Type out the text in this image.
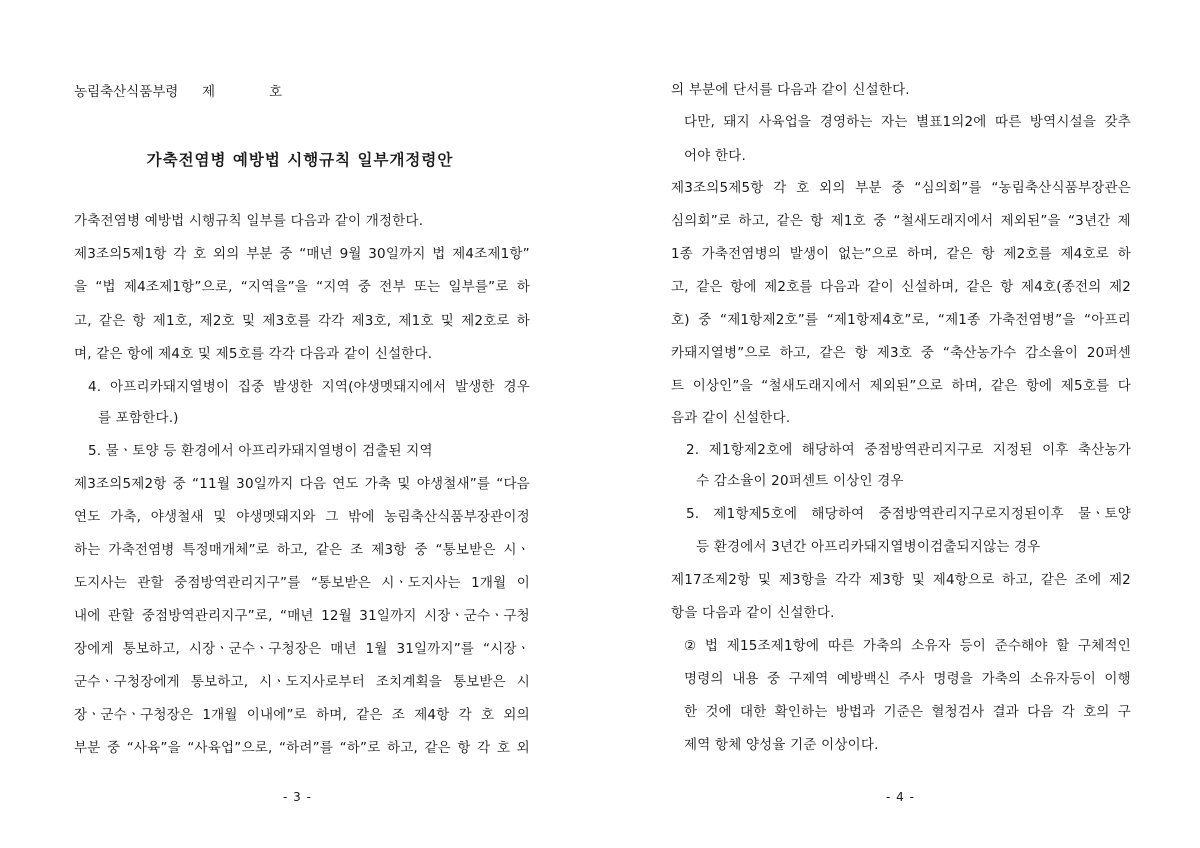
농림축산식품부령 제	호
가축전염병 예방법 시행규칙 일부개정령안
가축전염병 예방법 시행규칙 일부를 다음과 같이 개정한다.
제3조의5제1항 각 호 외의 부분 중 “매년 9월 30일까지 법 제4조제1항”
을 “법 제4조제1항”으로, “지역을”을 “지역 중 전부 또는 일부를”로 하
고, 같은 항 제1호, 제2호 및 제3호를 각각 제3호, 제1호 및 제2호로 하
며, 같은 항에 제4호 및 제5호를 각각 다음과 같이 신설한다.
4. 아프리카돼지열병이 집중 발생한 지역(야생멧돼지에서 발생한 경우
를 포함한다.)
5. 물ㆍ토양 등 환경에서 아프리카돼지열병이 검출된 지역
제3조의5제2항 중 “11월 30일까지 다음 연도 가축 및 야생철새”를 “다음
연도 가축, 야생철새 및 야생멧돼지와 그 밖에 농림축산식품부장관이정
하는 가축전염병 특정매개체”로 하고, 같은 조 제3항 중 “통보받은 시ㆍ
도지사는 관할 중점방역관리지구”를 “통보받은 시ㆍ도지사는 1개월 이
내에 관할 중점방역관리지구”로, “매년 12월 31일까지 시장ㆍ군수ㆍ구청
장에게 통보하고, 시장ㆍ군수ㆍ구청장은 매년 1월 31일까지”를 “시장ㆍ
군수ㆍ구청장에게 통보하고, 시ㆍ도지사로부터 조치계획을 통보받은 시
장ㆍ군수ㆍ구청장은 1개월 이내에”로 하며, 같은 조 제4항 각 호 외의
부분 중 “사육”을 “사육업”으로, “하려”를 “하”로 하고, 같은 항 각 호 외
- 3 -
의 부분에 단서를 다음과 같이 신설한다.
다만, 돼지 사육업을 경영하는 자는 별표1의2에 따른 방역시설을 갖추
어야 한다.
제3조의5제5항 각 호 외의 부분 중 “심의회”를 “농림축산식품부장관은
심의회”로 하고, 같은 항 제1호 중 “철새도래지에서 제외된”을 “3년간 제
1종 가축전염병의 발생이 없는”으로 하며, 같은 항 제2호를 제4호로 하
고, 같은 항에 제2호를 다음과 같이 신설하며, 같은 항 제4호(종전의 제2
호) 중 “제1항제2호”를 “제1항제4호”로, “제1종 가축전염병”을 “아프리
카돼지열병”으로 하고, 같은 항 제3호 중 “축산농가수 감소율이 20퍼센
트 이상인”을 “철새도래지에서 제외된”으로 하며, 같은 항에 제5호를 다
음과 같이 신설한다.
2. 제1항제2호에 해당하여 중점방역관리지구로 지정된 이후 축산농가
수 감소율이 20퍼센트 이상인 경우
5. 제1항제5호에 해당하여 중점방역관리지구로지정된이후 물ㆍ토양
등 환경에서 3년간 아프리카돼지열병이검출되지않는 경우
제17조제2항 및 제3항을 각각 제3항 및 제4항으로 하고, 같은 조에 제2
항을 다음과 같이 신설한다.
② 법 제15조제1항에 따른 가축의 소유자 등이 준수해야 할 구체적인
명령의 내용 중 구제역 예방백신 주사 명령을 가축의 소유자등이 이행
한 것에 대한 확인하는 방법과 기준은 혈청검사 결과 다음 각 호의 구
제역 항체 양성율 기준 이상이다.
- 4 -
